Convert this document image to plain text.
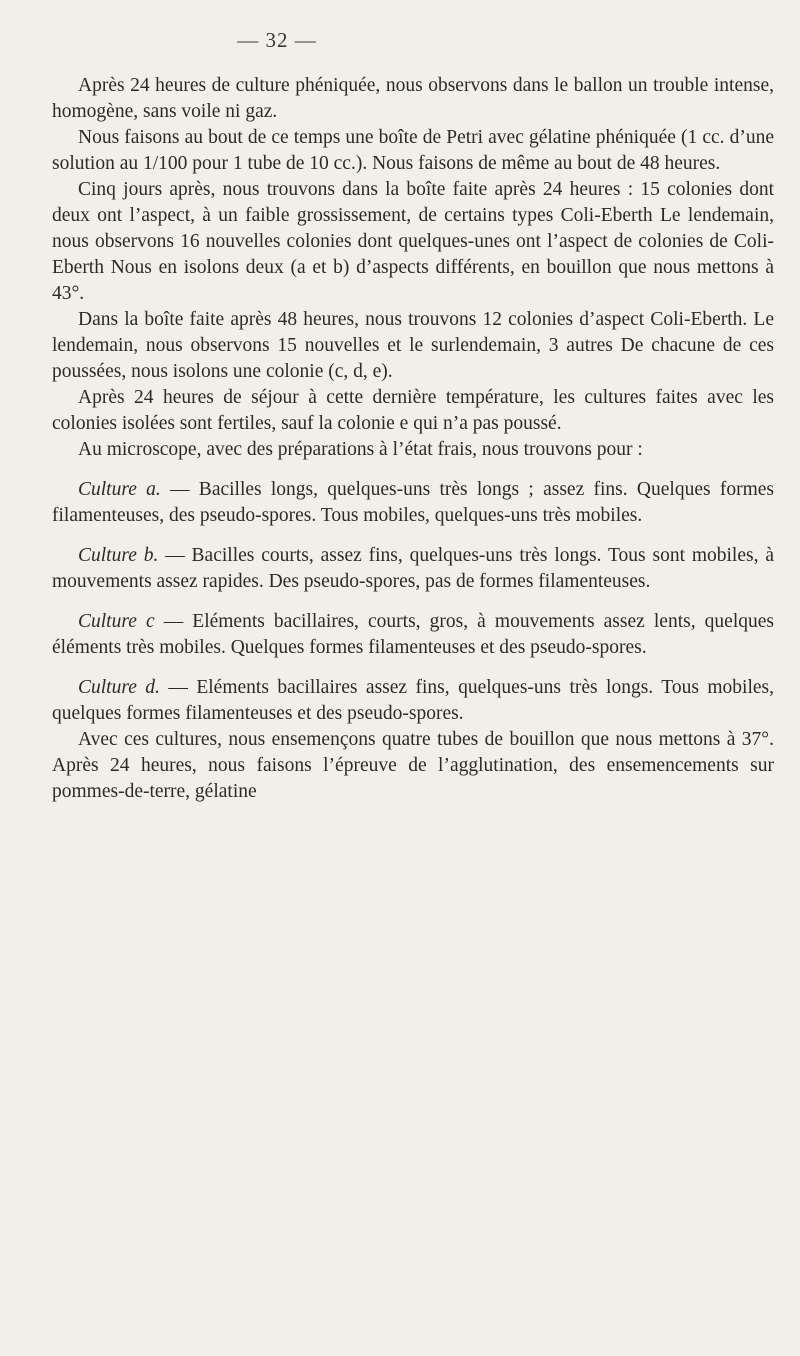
— 32 —

Après 24 heures de culture phéniquée, nous observons dans le ballon un trouble intense, homogène, sans voile ni gaz.

Nous faisons au bout de ce temps une boîte de Petri avec gélatine phéniquée (1 cc. d’une solution au 1/100 pour 1 tube de 10 cc.). Nous faisons de même au bout de 48 heures.

Cinq jours après, nous trouvons dans la boîte faite après 24 heures : 15 colonies dont deux ont l’aspect, à un faible grossissement, de certains types Coli-Eberth Le lendemain, nous observons 16 nouvelles colonies dont quelques-unes ont l’aspect de colonies de Coli-Eberth Nous en isolons deux (a et b) d’aspects différents, en bouillon que nous mettons à 43°.

Dans la boîte faite après 48 heures, nous trouvons 12 colonies d’aspect Coli-Eberth. Le lendemain, nous observons 15 nouvelles et le surlendemain, 3 autres De chacune de ces poussées, nous isolons une colonie (c, d, e).

Après 24 heures de séjour à cette dernière température, les cultures faites avec les colonies isolées sont fertiles, sauf la colonie e qui n’a pas poussé.

Au microscope, avec des préparations à l’état frais, nous trouvons pour :

Culture a. — Bacilles longs, quelques-uns très longs ; assez fins. Quelques formes filamenteuses, des pseudo-spores. Tous mobiles, quelques-uns très mobiles.

Culture b. — Bacilles courts, assez fins, quelques-uns très longs. Tous sont mobiles, à mouvements assez rapides. Des pseudo-spores, pas de formes filamenteuses.

Culture c — Eléments bacillaires, courts, gros, à mouvements assez lents, quelques éléments très mobiles. Quelques formes filamenteuses et des pseudo-spores.

Culture d. — Eléments bacillaires assez fins, quelques-uns très longs. Tous mobiles, quelques formes filamenteuses et des pseudo-spores.

Avec ces cultures, nous ensemençons quatre tubes de bouillon que nous mettons à 37°. Après 24 heures, nous faisons l’épreuve de l’agglutination, des ensemencements sur pommes-de-terre, gélatine
